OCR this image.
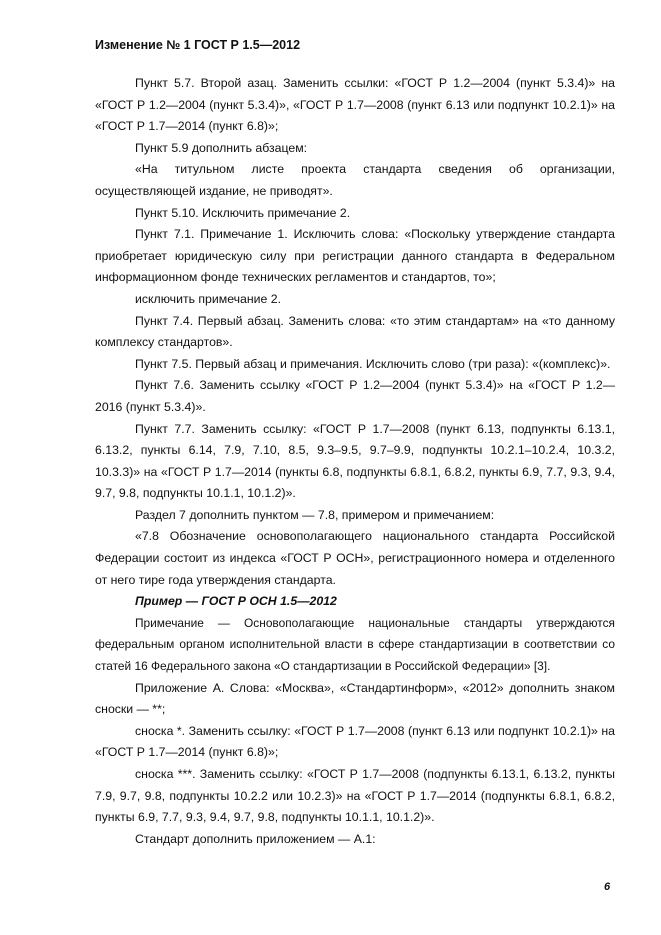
Изменение № 1 ГОСТ Р 1.5—2012

Пункт 5.7. Второй азац. Заменить ссылки: «ГОСТ Р 1.2—2004 (пункт 5.3.4)» на «ГОСТ Р 1.2—2004 (пункт 5.3.4)», «ГОСТ Р 1.7—2008 (пункт 6.13 или подпункт 10.2.1)» на «ГОСТ Р 1.7—2014 (пункт 6.8)»;

Пункт 5.9 дополнить абзацем:

«На титульном листе проекта стандарта сведения об организации, осуществляющей издание, не приводят».

Пункт 5.10. Исключить примечание 2.

Пункт 7.1. Примечание 1. Исключить слова: «Поскольку утверждение стандарта приобретает юридическую силу при регистрации данного стандарта в Федеральном информационном фонде технических регламентов и стандартов, то»;

исключить примечание 2.

Пункт 7.4. Первый абзац. Заменить слова: «то этим стандартам» на «то данному комплексу стандартов».

Пункт 7.5. Первый абзац и примечания. Исключить слово (три раза): «(комплекс)».

Пункт 7.6. Заменить ссылку «ГОСТ Р 1.2—2004 (пункт 5.3.4)» на «ГОСТ Р 1.2—2016 (пункт 5.3.4)».

Пункт 7.7. Заменить ссылку: «ГОСТ Р 1.7—2008 (пункт 6.13, подпункты 6.13.1, 6.13.2, пункты 6.14, 7.9, 7.10, 8.5, 9.3–9.5, 9.7–9.9, подпункты 10.2.1–10.2.4, 10.3.2, 10.3.3)» на «ГОСТ Р 1.7—2014 (пункты 6.8, подпункты 6.8.1, 6.8.2, пункты 6.9, 7.7, 9.3, 9.4, 9.7, 9.8, подпункты 10.1.1, 10.1.2)».

Раздел 7 дополнить пунктом — 7.8, примером и примечанием:

«7.8 Обозначение основополагающего национального стандарта Российской Федерации состоит из индекса «ГОСТ Р ОСН», регистрационного номера и отделенного от него тире года утверждения стандарта.

Пример — ГОСТ Р ОСН 1.5—2012

Примечание — Основополагающие национальные стандарты утверждаются федеральным органом исполнительной власти в сфере стандартизации в соответствии со статей 16 Федерального закона «О стандартизации в Российской Федерации» [3].

Приложение А. Слова: «Москва», «Стандартинформ», «2012» дополнить знаком сноски — **;

сноска *. Заменить ссылку: «ГОСТ Р 1.7—2008 (пункт 6.13 или подпункт 10.2.1)» на «ГОСТ Р 1.7—2014 (пункт 6.8)»;

сноска ***. Заменить ссылку: «ГОСТ Р 1.7—2008 (подпункты 6.13.1, 6.13.2, пункты 7.9, 9.7, 9.8, подпункты 10.2.2 или 10.2.3)» на «ГОСТ Р 1.7—2014 (подпункты 6.8.1, 6.8.2, пункты 6.9, 7.7, 9.3, 9.4, 9.7, 9.8, подпункты 10.1.1, 10.1.2)».

Стандарт дополнить приложением — А.1:

6
